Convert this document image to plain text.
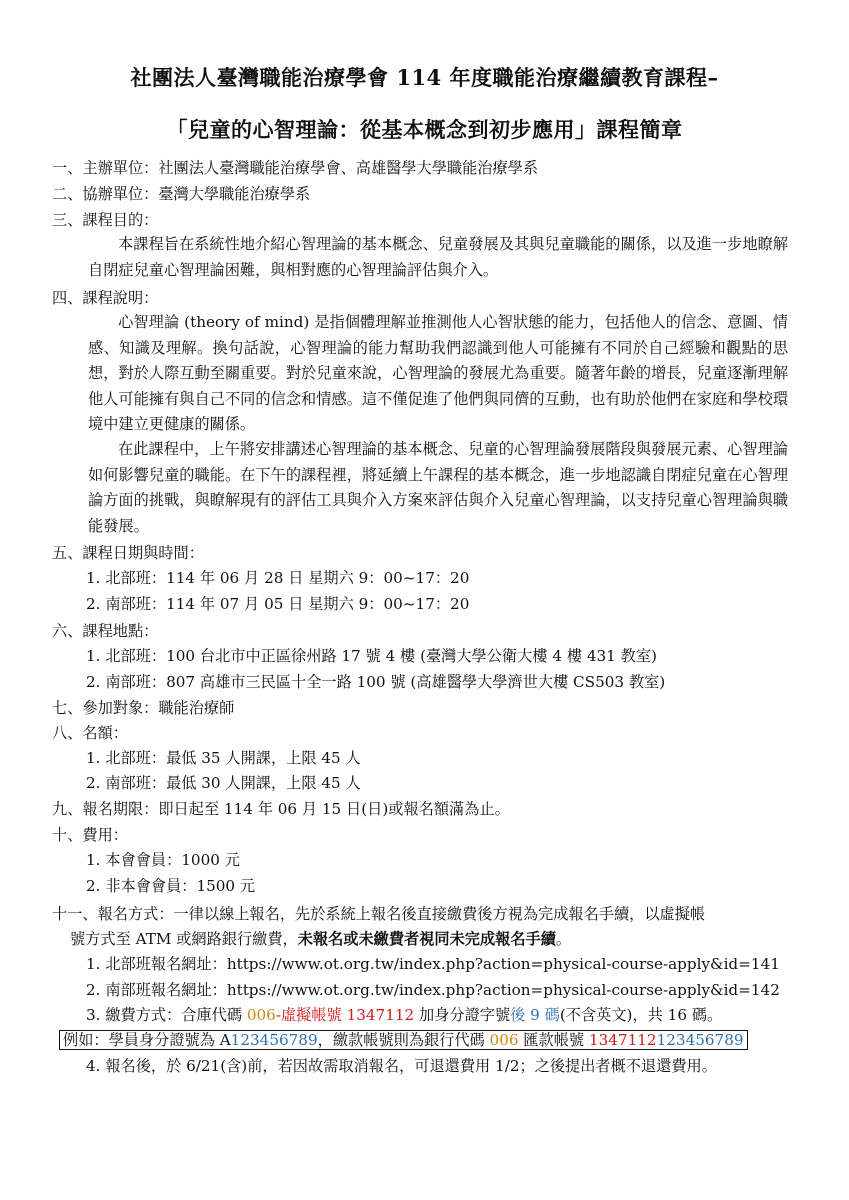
社團法人臺灣職能治療學會 114 年度職能治療繼續教育課程–
「兒童的心智理論：從基本概念到初步應用」課程簡章
一、主辦單位：社團法人臺灣職能治療學會、高雄醫學大學職能治療學系
二、協辦單位：臺灣大學職能治療學系
三、課程目的：
本課程旨在系統性地介紹心智理論的基本概念、兒童發展及其與兒童職能的關係，以及進一步地瞭解自閉症兒童心智理論困難，與相對應的心智理論評估與介入。
四、課程說明：
心智理論 (theory of mind) 是指個體理解並推測他人心智狀態的能力，包括他人的信念、意圖、情感、知識及理解。換句話說，心智理論的能力幫助我們認識到他人可能擁有不同於自己經驗和觀點的思想，對於人際互動至關重要。對於兒童來說，心智理論的發展尤為重要。隨著年齡的增長，兒童逐漸理解他人可能擁有與自己不同的信念和情感。這不僅促進了他們與同儕的互動，也有助於他們在家庭和學校環境中建立更健康的關係。
在此課程中，上午將安排講述心智理論的基本概念、兒童的心智理論發展階段與發展元素、心智理論如何影響兒童的職能。在下午的課程裡，將延續上午課程的基本概念，進一步地認識自閉症兒童在心智理論方面的挑戰，與瞭解現有的評估工具與介入方案來評估與介入兒童心智理論，以支持兒童心智理論與職能發展。
五、課程日期與時間：
1. 北部班：114 年 06 月 28 日 星期六 9：00~17：20
2. 南部班：114 年 07 月 05 日 星期六 9：00~17：20
六、課程地點：
1. 北部班：100 台北市中正區徐州路 17 號 4 樓 (臺灣大學公衛大樓 4 樓 431 教室)
2. 南部班：807 高雄市三民區十全一路 100 號 (高雄醫學大學濟世大樓 CS503 教室)
七、參加對象：職能治療師
八、名額：
1. 北部班：最低 35 人開課，上限 45 人
2. 南部班：最低 30 人開課，上限 45 人
九、報名期限：即日起至 114 年 06 月 15 日(日)或報名額滿為止。
十、費用：
1. 本會會員：1000 元
2. 非本會會員：1500 元
十一、報名方式：一律以線上報名，先於系統上報名後直接繳費後方視為完成報名手續，以虛擬帳
號方式至 ATM 或網路銀行繳費，未報名或未繳費者視同未完成報名手續。
1. 北部班報名網址：https://www.ot.org.tw/index.php?action=physical-course-apply&id=141
2. 南部班報名網址：https://www.ot.org.tw/index.php?action=physical-course-apply&id=142
3. 繳費方式：合庫代碼 006-虛擬帳號 1347112 加身分證字號後 9 碼(不含英文)，共 16 碼。
例如：學員身分證號為 A123456789，繳款帳號則為銀行代碼 006 匯款帳號 1347112123456789
4. 報名後，於 6/21(含)前，若因故需取消報名，可退還費用 1/2；之後提出者概不退還費用。
